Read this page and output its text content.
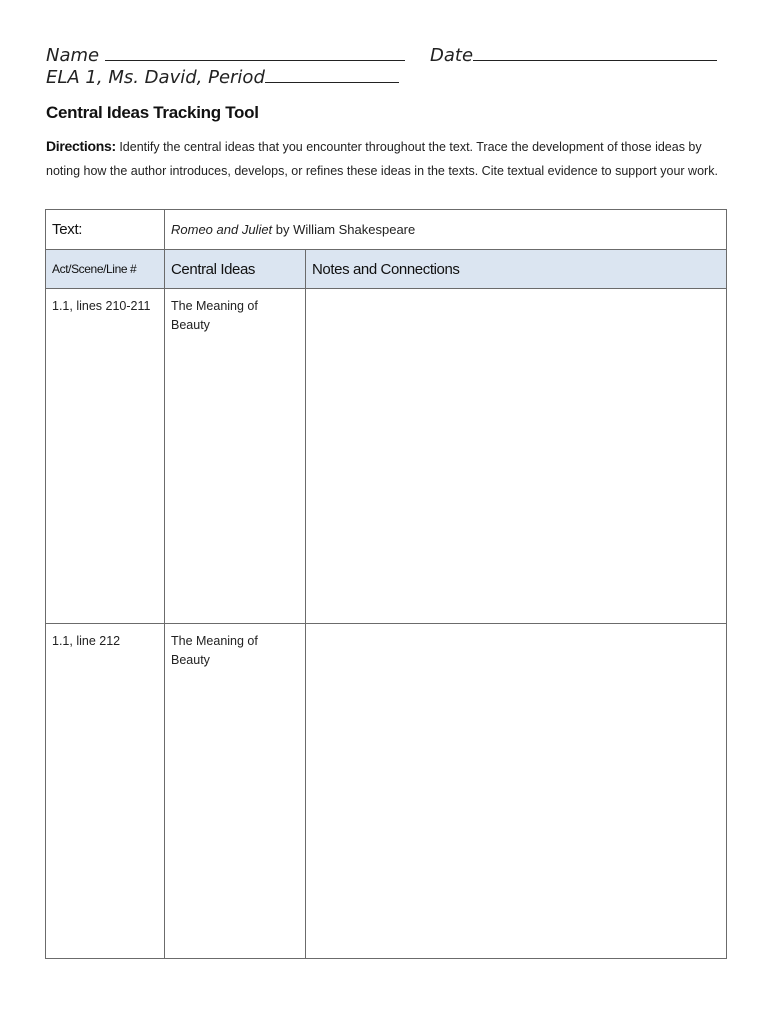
Name	Date
ELA 1, Ms. David, Period
Central Ideas Tracking Tool
Directions: Identify the central ideas that you encounter throughout the text. Trace the development of those ideas by noting how the author introduces, develops, or refines these ideas in the texts. Cite textual evidence to support your work.
Text:	Romeo and Juliet by William Shakespeare	
Act/Scene/Line #	Central Ideas	Notes and Connections

1.1, lines 210-211	The Meaning of Beauty	

1.1, line 212	The Meaning of Beauty	
